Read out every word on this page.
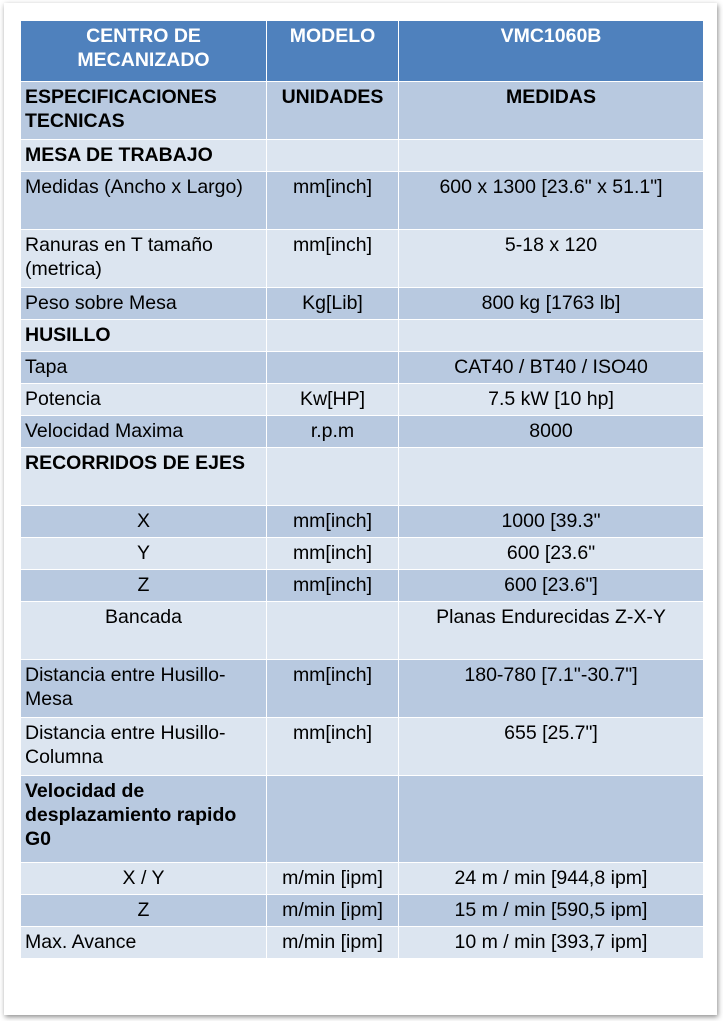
CENTRO DE MECANIZADO	MODELO	VMC1060B
ESPECIFICACIONES TECNICAS	UNIDADES	MEDIDAS
MESA DE TRABAJO		
Medidas (Ancho x Largo)	mm[inch]	600 x 1300 [23.6" x 51.1"]
Ranuras en T tamaño (metrica)	mm[inch]	5-18 x 120
Peso sobre Mesa	Kg[Lib]	800 kg [1763 lb]
HUSILLO		
Tapa		CAT40 / BT40 / ISO40
Potencia	Kw[HP]	7.5 kW [10 hp]
Velocidad Maxima	r.p.m	8000
RECORRIDOS DE EJES		
X	mm[inch]	1000 [39.3"
Y	mm[inch]	600 [23.6"
Z	mm[inch]	600 [23.6"]
Bancada		Planas Endurecidas Z-X-Y
Distancia entre Husillo-Mesa	mm[inch]	180-780 [7.1"-30.7"]
Distancia entre Husillo-Columna	mm[inch]	655 [25.7"]
Velocidad de desplazamiento rapido G0		
X / Y	m/min [ipm]	24 m / min [944,8 ipm]
Z	m/min [ipm]	15 m / min [590,5 ipm]
Max. Avance	m/min [ipm]	10 m / min [393,7 ipm]
